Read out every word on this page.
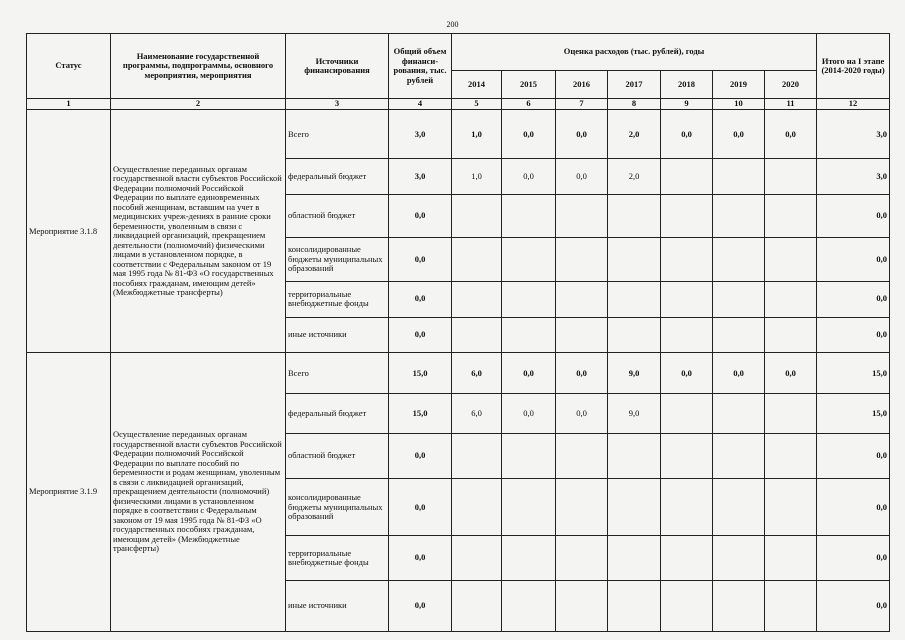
200
Статус	Наименование государственной программы, подпрограммы, основного мероприятия, мероприятия	Источники финансирования	Общий объем финанси-рования, тыс. рублей	Оценка расходов (тыс. рублей), годы							Итого на I этапе (2014-2020 годы)
				2014	2015	2016	2017	2018	2019	2020	
1	2	3	4	5	6	7	8	9	10	11	12
Мероприятие 3.1.8	Осуществление переданных органам государственной власти субъектов Российской Федерации полномочий Российской Федерации по выплате единовременных пособий женщинам, вставшим на учет в медицинских учреж-дениях в ранние сроки беременности, уволенным в связи с ликвидацией организаций, прекращением деятельности (полномочий) физическими лицами в установленном порядке, в соответствии с Федеральным законом от 19 мая 1995 года № 81-ФЗ «О государственных пособиях гражданам, имеющим детей» (Межбюджетные трансферты)	Всего	3,0	1,0	0,0	0,0	2,0	0,0	0,0	0,0	3,0
		федеральный бюджет	3,0	1,0	0,0	0,0	2,0				3,0
		областной бюджет	0,0								0,0
		консолидированные бюджеты муниципальных образований	0,0								0,0
		территориальные внебюджетные фонды	0,0								0,0
		иные источники	0,0								0,0
Мероприятие 3.1.9	Осуществление переданных органам государственной власти субъектов Российской Федерации полномочий Российской Федерации по выплате пособий по беременности и родам женщинам, уволенным в связи с ликвидацией организаций, прекращением деятельности (полномочий) физическими лицами в установленном порядке в соответствии с Федеральным законом от 19 мая 1995 года № 81-ФЗ «О государственных пособиях гражданам, имеющим детей» (Межбюджетные трансферты)	Всего	15,0	6,0	0,0	0,0	9,0	0,0	0,0	0,0	15,0
		федеральный бюджет	15,0	6,0	0,0	0,0	9,0				15,0
		областной бюджет	0,0								0,0
		консолидированные бюджеты муниципальных образований	0,0								0,0
		территориальные внебюджетные фонды	0,0								0,0
		иные источники	0,0								0,0
